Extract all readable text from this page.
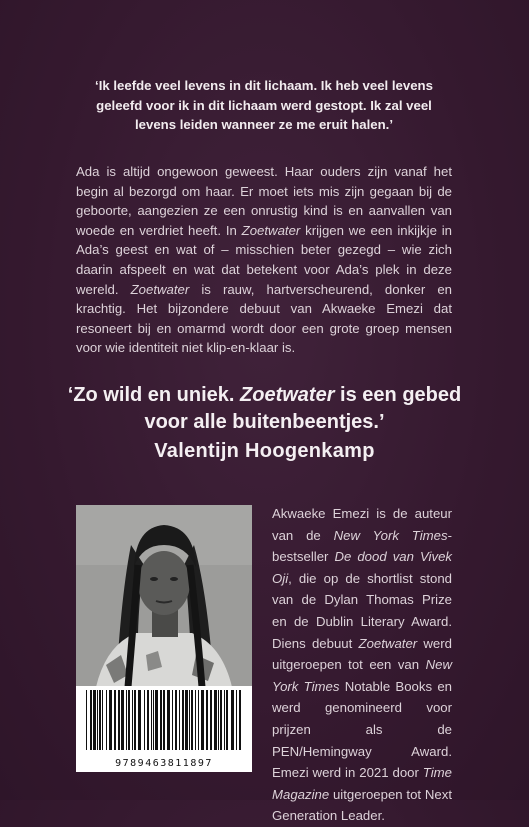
‘Ik leefde veel levens in dit lichaam. Ik heb veel levens geleefd voor ik in dit lichaam werd gestopt. Ik zal veel levens leiden wanneer ze me eruit halen.’

Ada is altijd ongewoon geweest. Haar ouders zijn vanaf het begin al bezorgd om haar. Er moet iets mis zijn gegaan bij de geboorte, aangezien ze een onrustig kind is en aanvallen van woede en verdriet heeft. In Zoetwater krijgen we een inkijkje in Ada’s geest en wat of – misschien beter gezegd – wie zich daarin afspeelt en wat dat betekent voor Ada’s plek in deze wereld. Zoetwater is rauw, hartverscheurend, donker en krachtig. Het bijzondere debuut van Akwaeke Emezi dat resoneert bij en omarmd wordt door een grote groep mensen voor wie identiteit niet klip-en-klaar is.

‘Zo wild en uniek. Zoetwater is een gebed voor alle buitenbeentjes.’
Valentijn Hoogenkamp
9789463811897

Akwaeke Emezi is de auteur van de New York Times-bestseller De dood van Vivek Oji, die op de shortlist stond van de Dylan Thomas Prize en de Dublin Literary Award. Diens debuut Zoetwater werd uitgeroepen tot een van New York Times Notable Books en werd genomineerd voor prijzen als de PEN/Hemingway Award. Emezi werd in 2021 door Time Magazine uitgeroepen tot Next Generation Leader.
